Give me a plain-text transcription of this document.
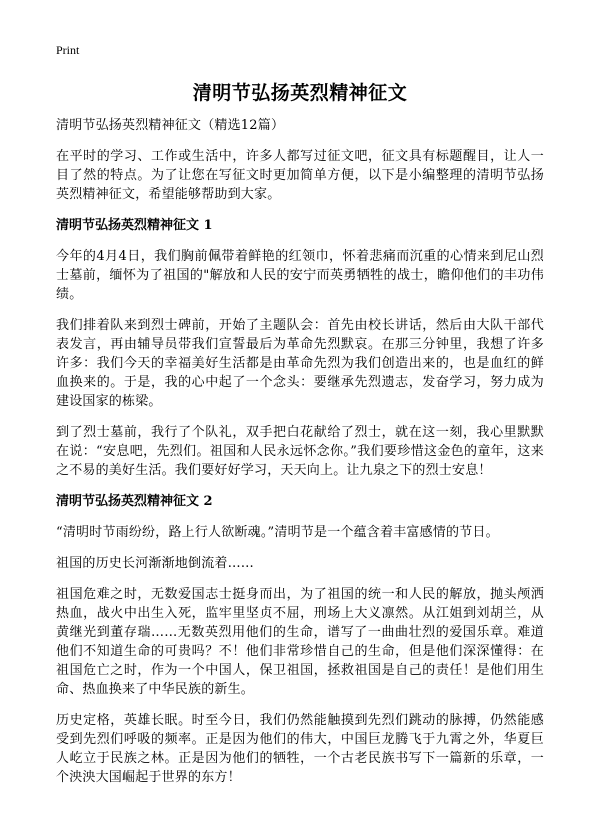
Print
清明节弘扬英烈精神征文

清明节弘扬英烈精神征文（精选12篇）

在平时的学习、工作或生活中，许多人都写过征文吧，征文具有标题醒目，让人一目了然的特点。为了让您在写征文时更加简单方便，以下是小编整理的清明节弘扬英烈精神征文，希望能够帮助到大家。

清明节弘扬英烈精神征文 1

今年的4月4日，我们胸前佩带着鲜艳的红领巾，怀着悲痛而沉重的心情来到尼山烈士墓前，缅怀为了祖国的"解放和人民的安宁而英勇牺牲的战士，瞻仰他们的丰功伟绩。

我们排着队来到烈士碑前，开始了主题队会：首先由校长讲话，然后由大队干部代表发言，再由辅导员带我们宣誓最后为革命先烈默哀。在那三分钟里，我想了许多许多：我们今天的幸福美好生活都是由革命先烈为我们创造出来的，也是血红的鲜血换来的。于是，我的心中起了一个念头：要继承先烈遗志，发奋学习，努力成为建设国家的栋梁。

到了烈士墓前，我行了个队礼，双手把白花献给了烈士，就在这一刻，我心里默默在说：“安息吧，先烈们。祖国和人民永远怀念你。”我们要珍惜这金色的童年，这来之不易的美好生活。我们要好好学习，天天向上。让九泉之下的烈士安息！

清明节弘扬英烈精神征文 2

“清明时节雨纷纷，路上行人欲断魂。”清明节是一个蕴含着丰富感情的节日。

祖国的历史长河渐渐地倒流着……

祖国危难之时，无数爱国志士挺身而出，为了祖国的统一和人民的解放，抛头颅洒热血，战火中出生入死，监牢里坚贞不屈，刑场上大义凛然。从江姐到刘胡兰，从黄继光到董存瑞……无数英烈用他们的生命，谱写了一曲曲壮烈的爱国乐章。难道他们不知道生命的可贵吗？不！他们非常珍惜自己的生命，但是他们深深懂得：在祖国危亡之时，作为一个中国人，保卫祖国，拯救祖国是自己的责任！是他们用生命、热血换来了中华民族的新生。

历史定格，英雄长眠。时至今日，我们仍然能触摸到先烈们跳动的脉搏，仍然能感受到先烈们呼吸的频率。正是因为他们的伟大，中国巨龙腾飞于九霄之外，华夏巨人屹立于民族之林。正是因为他们的牺牲，一个古老民族书写下一篇新的乐章，一个泱泱大国崛起于世界的东方！
